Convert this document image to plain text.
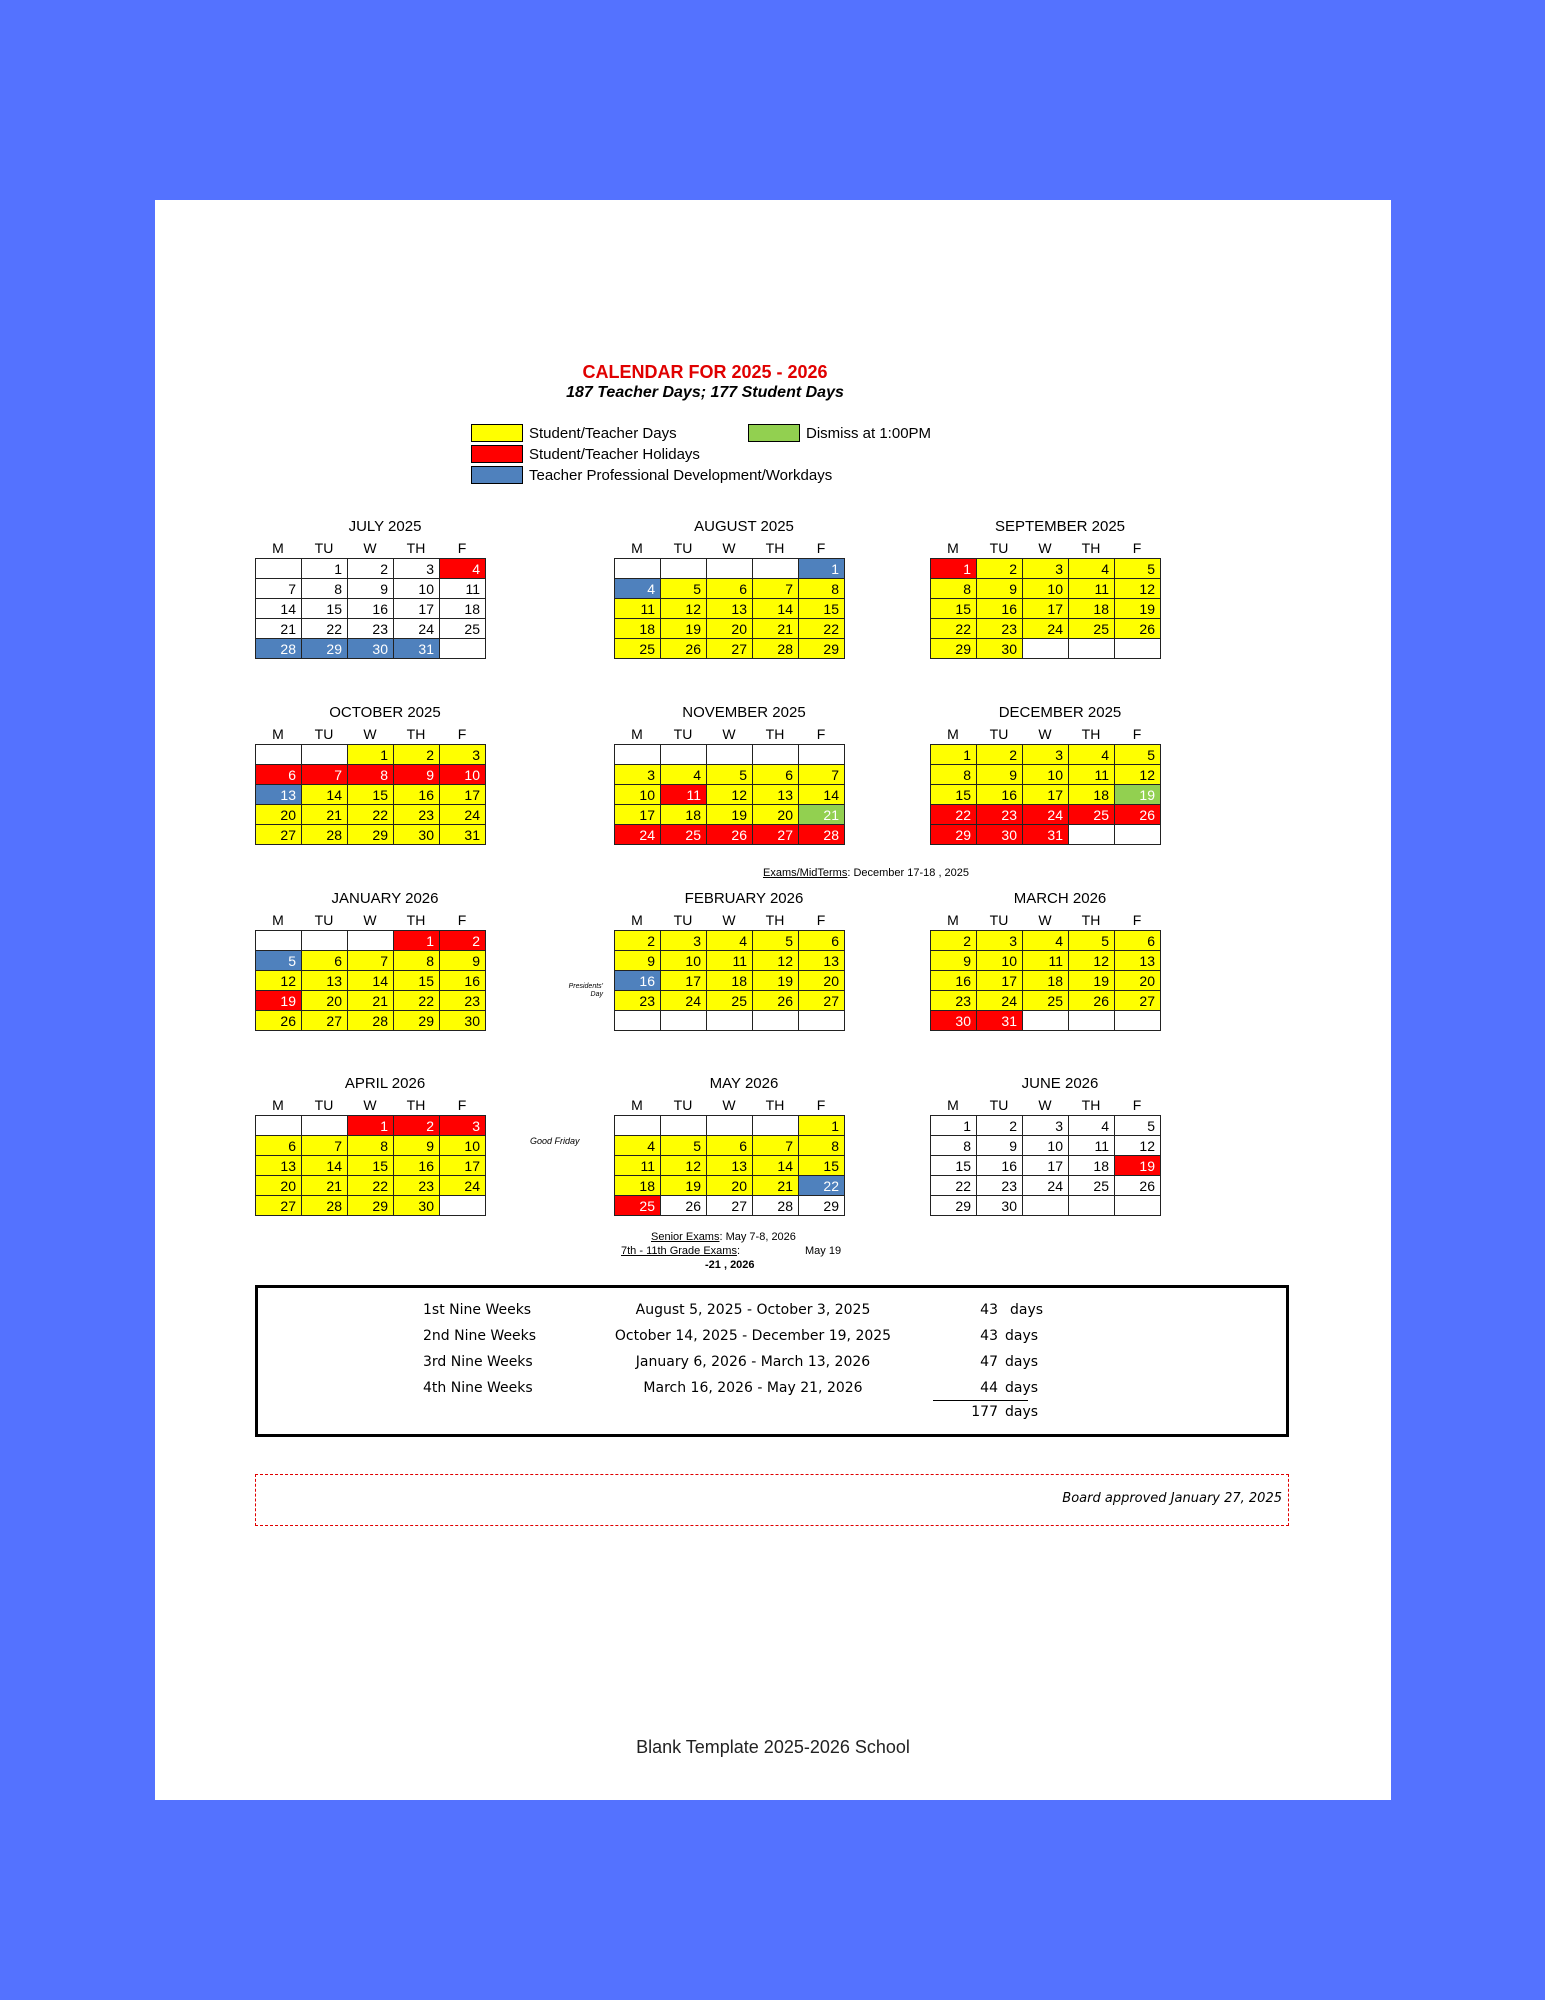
CALENDAR FOR 2025 - 2026
187 Teacher Days; 177 Student Days
Student/Teacher Days
Student/Teacher Holidays
Teacher Professional Development/Workdays
Dismiss at 1:00PM
JULY 2025
M	TU	W	TH	F
	1	2	3	4
7	8	9	10	11
14	15	16	17	18
21	22	23	24	25
28	29	30	31	
AUGUST 2025
M	TU	W	TH	F
				1
4	5	6	7	8
11	12	13	14	15
18	19	20	21	22
25	26	27	28	29
SEPTEMBER 2025
M	TU	W	TH	F
1	2	3	4	5
8	9	10	11	12
15	16	17	18	19
22	23	24	25	26
29	30			
OCTOBER 2025
M	TU	W	TH	F
		1	2	3
6	7	8	9	10
13	14	15	16	17
20	21	22	23	24
27	28	29	30	31
NOVEMBER 2025
M	TU	W	TH	F

3	4	5	6	7
10	11	12	13	14
17	18	19	20	21
24	25	26	27	28
DECEMBER 2025
M	TU	W	TH	F
1	2	3	4	5
8	9	10	11	12
15	16	17	18	19
22	23	24	25	26
29	30	31		
JANUARY 2026
M	TU	W	TH	F
			1	2
5	6	7	8	9
12	13	14	15	16
19	20	21	22	23
26	27	28	29	30
FEBRUARY 2026
M	TU	W	TH	F
2	3	4	5	6
9	10	11	12	13
16	17	18	19	20
23	24	25	26	27

MARCH 2026
M	TU	W	TH	F
2	3	4	5	6
9	10	11	12	13
16	17	18	19	20
23	24	25	26	27
30	31			
APRIL 2026
M	TU	W	TH	F
		1	2	3
6	7	8	9	10
13	14	15	16	17
20	21	22	23	24
27	28	29	30	
MAY 2026
M	TU	W	TH	F
				1
4	5	6	7	8
11	12	13	14	15
18	19	20	21	22
25	26	27	28	29
JUNE 2026
M	TU	W	TH	F
1	2	3	4	5
8	9	10	11	12
15	16	17	18	19
22	23	24	25	26
29	30			
Exams/MidTerms: December 17-18 , 2025
Presidents' Day
Good Friday
Senior Exams: May 7-8, 2026
7th - 11th Grade Exams:	May 19
-21 , 2026
1st Nine Weeks	August 5, 2025 - October 3, 2025	43 days
2nd Nine Weeks	October 14, 2025 - December 19, 2025	43 days
3rd Nine Weeks	January 6, 2026 - March 13, 2026	47 days
4th Nine Weeks	March 16, 2026 - May 21, 2026	44 days
177 days
Board approved January 27, 2025
Blank Template 2025-2026 School
